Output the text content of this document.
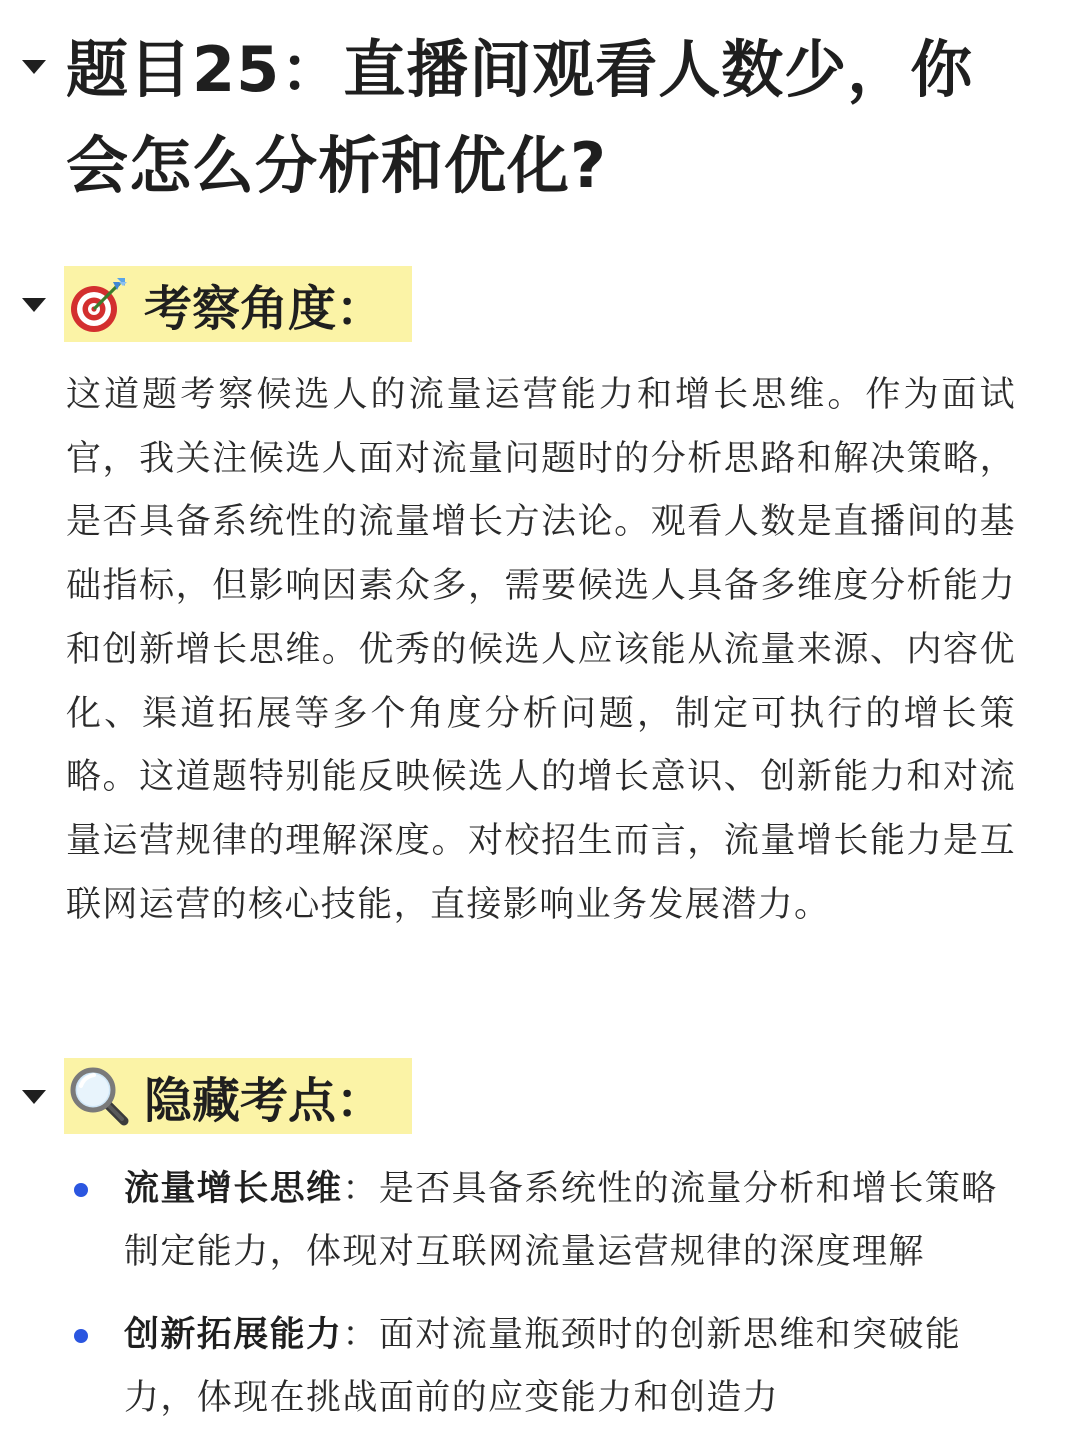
题目25：直播间观看人数少，你会怎么分析和优化?
考察角度：

这道题考察候选人的流量运营能力和增长思维。作为面试官，我关注候选人面对流量问题时的分析思路和解决策略，是否具备系统性的流量增长方法论。观看人数是直播间的基础指标，但影响因素众多，需要候选人具备多维度分析能力和创新增长思维。优秀的候选人应该能从流量来源、内容优化、渠道拓展等多个角度分析问题，制定可执行的增长策略。这道题特别能反映候选人的增长意识、创新能力和对流量运营规律的理解深度。对校招生而言，流量增长能力是互联网运营的核心技能，直接影响业务发展潜力。

隐藏考点：

流量增长思维：是否具备系统性的流量分析和增长策略制定能力，体现对互联网流量运营规律的深度理解

创新拓展能力：面对流量瓶颈时的创新思维和突破能力，体现在挑战面前的应变能力和创造力
